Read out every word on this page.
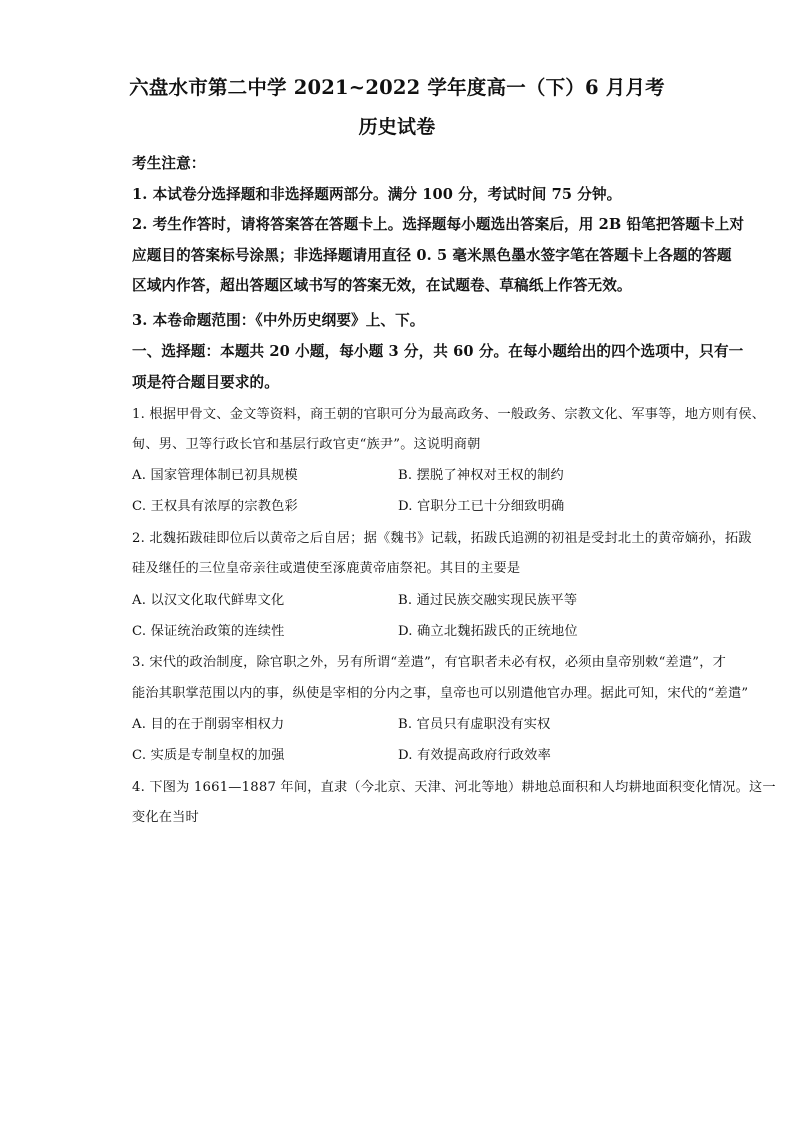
六盘水市第二中学 2021~2022 学年度高一（下）6 月月考
历史试卷
考生注意：
1. 本试卷分选择题和非选择题两部分。满分 100 分，考试时间 75 分钟。
2. 考生作答时，请将答案答在答题卡上。选择题每小题选出答案后，用 2B 铅笔把答题卡上对
应题目的答案标号涂黑；非选择题请用直径 0. 5 毫米黑色墨水签字笔在答题卡上各题的答题
区域内作答，超出答题区域书写的答案无效，在试题卷、草稿纸上作答无效。
3. 本卷命题范围：《中外历史纲要》上、下。
一、选择题：本题共 20 小题，每小题 3 分，共 60 分。在每小题给出的四个选项中，只有一
项是符合题目要求的。
1. 根据甲骨文、金文等资料，商王朝的官职可分为最高政务、一般政务、宗教文化、军事等，地方则有侯、
甸、男、卫等行政长官和基层行政官吏“族尹”。这说明商朝
A. 国家管理体制已初具规模	B. 摆脱了神权对王权的制约
C. 王权具有浓厚的宗教色彩	D. 官职分工已十分细致明确
2. 北魏拓跋硅即位后以黄帝之后自居；据《魏书》记载，拓跋氏追溯的初祖是受封北土的黄帝嫡孙，拓跋
硅及继任的三位皇帝亲往或遣使至涿鹿黄帝庙祭祀。其目的主要是
A. 以汉文化取代鲜卑文化	B. 通过民族交融实现民族平等
C. 保证统治政策的连续性	D. 确立北魏拓跋氏的正统地位
3. 宋代的政治制度，除官职之外，另有所谓“差遣”，有官职者未必有权，必须由皇帝别敕“差遣”，才
能治其职掌范围以内的事，纵使是宰相的分内之事，皇帝也可以别遣他官办理。据此可知，宋代的“差遣”
A. 目的在于削弱宰相权力	B. 官员只有虚职没有实权
C. 实质是专制皇权的加强	D. 有效提高政府行政效率
4. 下图为 1661—1887 年间，直隶（今北京、天津、河北等地）耕地总面积和人均耕地面积变化情况。这一
变化在当时
